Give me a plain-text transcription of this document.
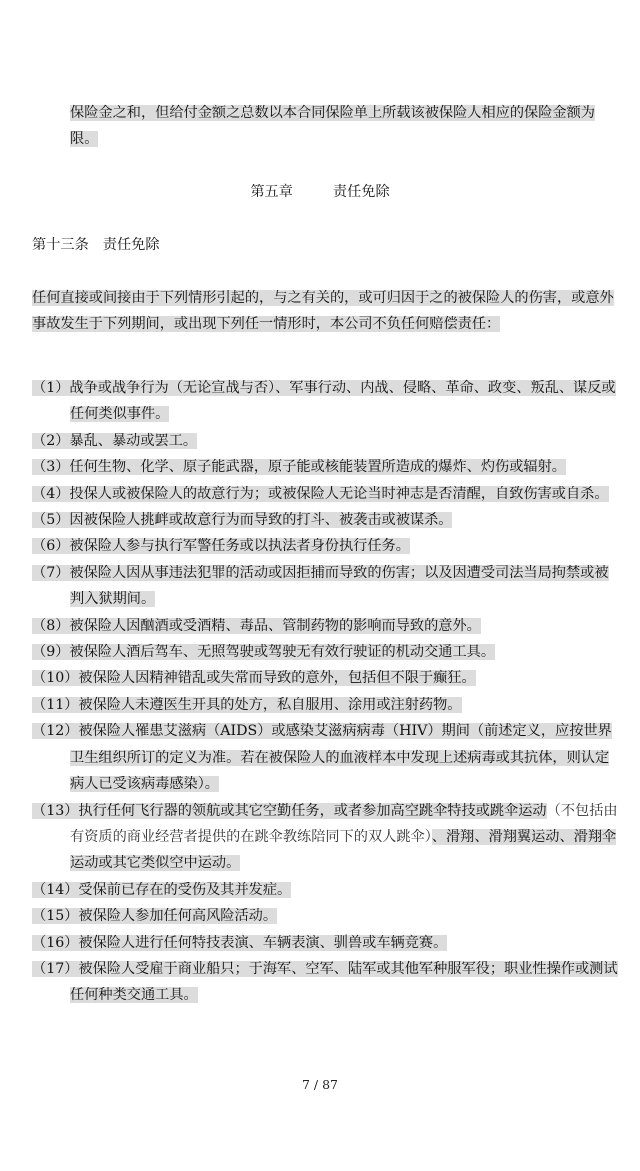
保险金之和，但给付金额之总数以本合同保险单上所载该被保险人相应的保险金额为限。

第五章	责任免除
第十三条 责任免除

任何直接或间接由于下列情形引起的，与之有关的，或可归因于之的被保险人的伤害，或意外事故发生于下列期间，或出现下列任一情形时，本公司不负任何赔偿责任：

（1）战争或战争行为（无论宣战与否）、军事行动、内战、侵略、革命、政变、叛乱、谋反或任何类似事件。
（2）暴乱、暴动或罢工。
（3）任何生物、化学、原子能武器，原子能或核能装置所造成的爆炸、灼伤或辐射。
（4）投保人或被保险人的故意行为；或被保险人无论当时神志是否清醒，自致伤害或自杀。
（5）因被保险人挑衅或故意行为而导致的打斗、被袭击或被谋杀。
（6）被保险人参与执行军警任务或以执法者身份执行任务。
（7）被保险人因从事违法犯罪的活动或因拒捕而导致的伤害；以及因遭受司法当局拘禁或被判入狱期间。
（8）被保险人因酗酒或受酒精、毒品、管制药物的影响而导致的意外。
（9）被保险人酒后驾车、无照驾驶或驾驶无有效行驶证的机动交通工具。
（10）被保险人因精神错乱或失常而导致的意外，包括但不限于癫狂。
（11）被保险人未遵医生开具的处方，私自服用、涂用或注射药物。
（12）被保险人罹患艾滋病（AIDS）或感染艾滋病病毒（HIV）期间（前述定义，应按世界卫生组织所订的定义为准。若在被保险人的血液样本中发现上述病毒或其抗体，则认定病人已受该病毒感染）。
（13）执行任何飞行器的领航或其它空勤任务，或者参加高空跳伞特技或跳伞运动（不包括由有资质的商业经营者提供的在跳伞教练陪同下的双人跳伞）、滑翔、滑翔翼运动、滑翔伞运动或其它类似空中运动。
（14）受保前已存在的受伤及其并发症。
（15）被保险人参加任何高风险活动。
（16）被保险人进行任何特技表演、车辆表演、驯兽或车辆竞赛。
（17）被保险人受雇于商业船只；于海军、空军、陆军或其他军种服军役；职业性操作或测试任何种类交通工具。
7 / 87
